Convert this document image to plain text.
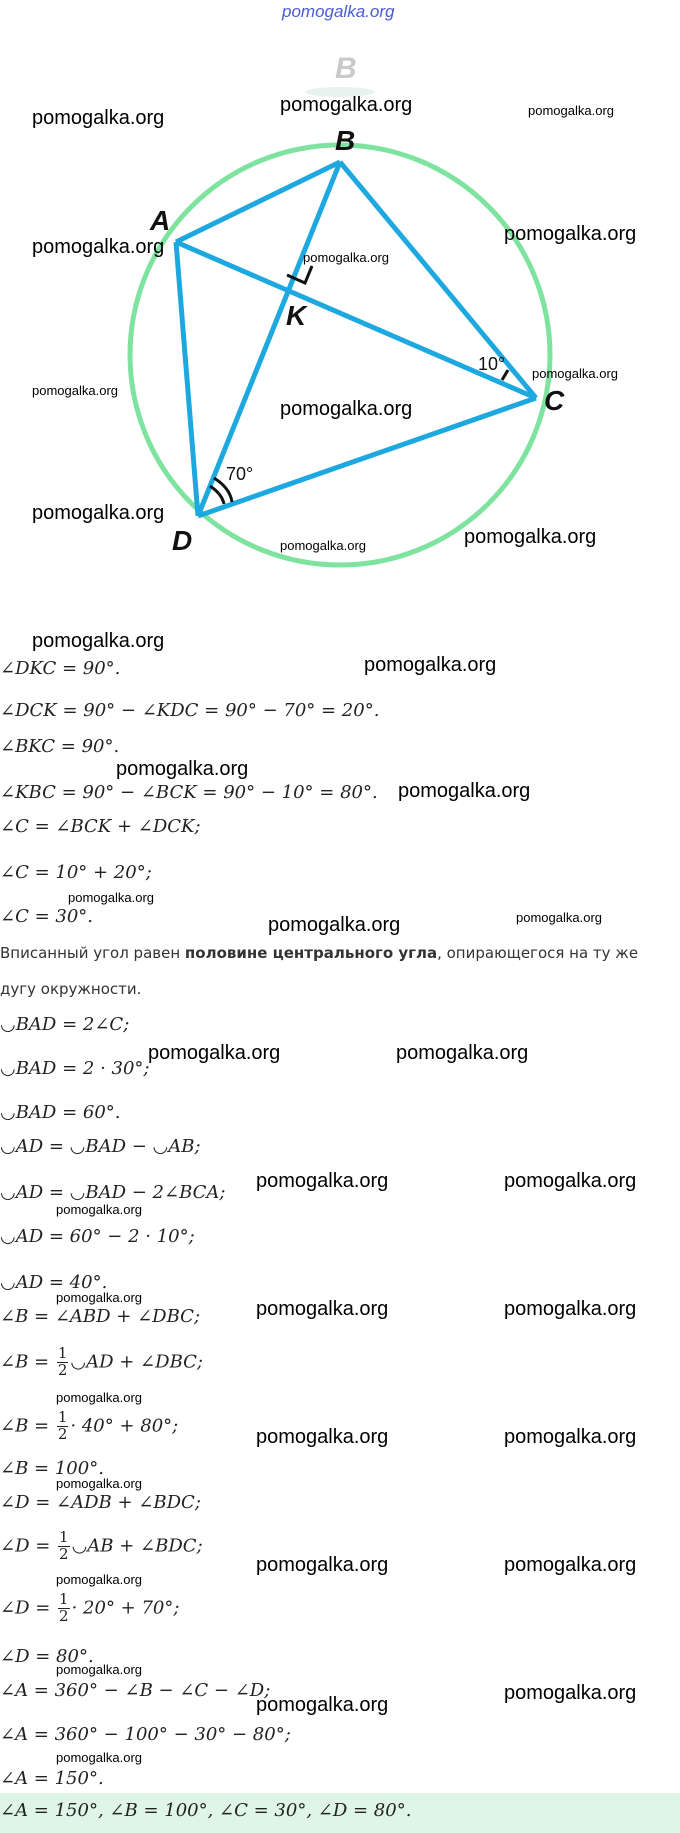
pomogalka.org
B
A
B
C
D
K
70°
10°
pomogalka.org
pomogalka.org	pomogalka.org
pomogalka.org	pomogalka.org
pomogalka.org
pomogalka.org
pomogalka.org
pomogalka.org
pomogalka.org
pomogalka.org	pomogalka.org
pomogalka.org
∠DKC = 90°.	pomogalka.org
∠DCK = 90° − ∠KDC = 90° − 70° = 20°.
∠BKC = 90°.
pomogalka.org
∠KBC = 90° − ∠BCK = 90° − 10° = 80°. pomogalka.org
∠C = ∠BCK + ∠DCK;
∠C = 10° + 20°;
pomogalka.org
∠C = 30°.	pomogalka.org	pomogalka.org
Вписанный угол равен половине центрального угла, опирающегося на ту же
дугу окружности.
◡BAD = 2∠C;
pomogalka.org	pomogalka.org
◡BAD = 2 · 30°;
◡BAD = 60°.
◡AD = ◡BAD − ◡AB;
◡AD = ◡BAD − 2∠BCA;
pomogalka.org	pomogalka.org
pomogalka.org
◡AD = 60° − 2 · 10°;
◡AD = 40°.
pomogalka.org
∠B = ∠ABD + ∠DBC;	pomogalka.org	pomogalka.org
∠B = $\frac{1}{2}$ ◡AD + ∠DBC;
pomogalka.org
∠B = $\frac{1}{2} \cdot 40^\circ + 80^\circ$;
pomogalka.org	pomogalka.org
∠B = 100°.
pomogalka.org
∠D = ∠ADB + ∠BDC;
∠D = $\frac{1}{2}$ ◡AB + ∠BDC;
pomogalka.org	pomogalka.org
pomogalka.org
∠D = $\frac{1}{2} \cdot 20^\circ + 70^\circ$;
∠D = 80°.
pomogalka.org
∠A = 360° − ∠B − ∠C − ∠D;	pomogalka.org
pomogalka.org
∠A = 360° − 100° − 30° − 80°;
pomogalka.org
∠A = 150°.
∠A = 150°, ∠B = 100°, ∠C = 30°, ∠D = 80°.
